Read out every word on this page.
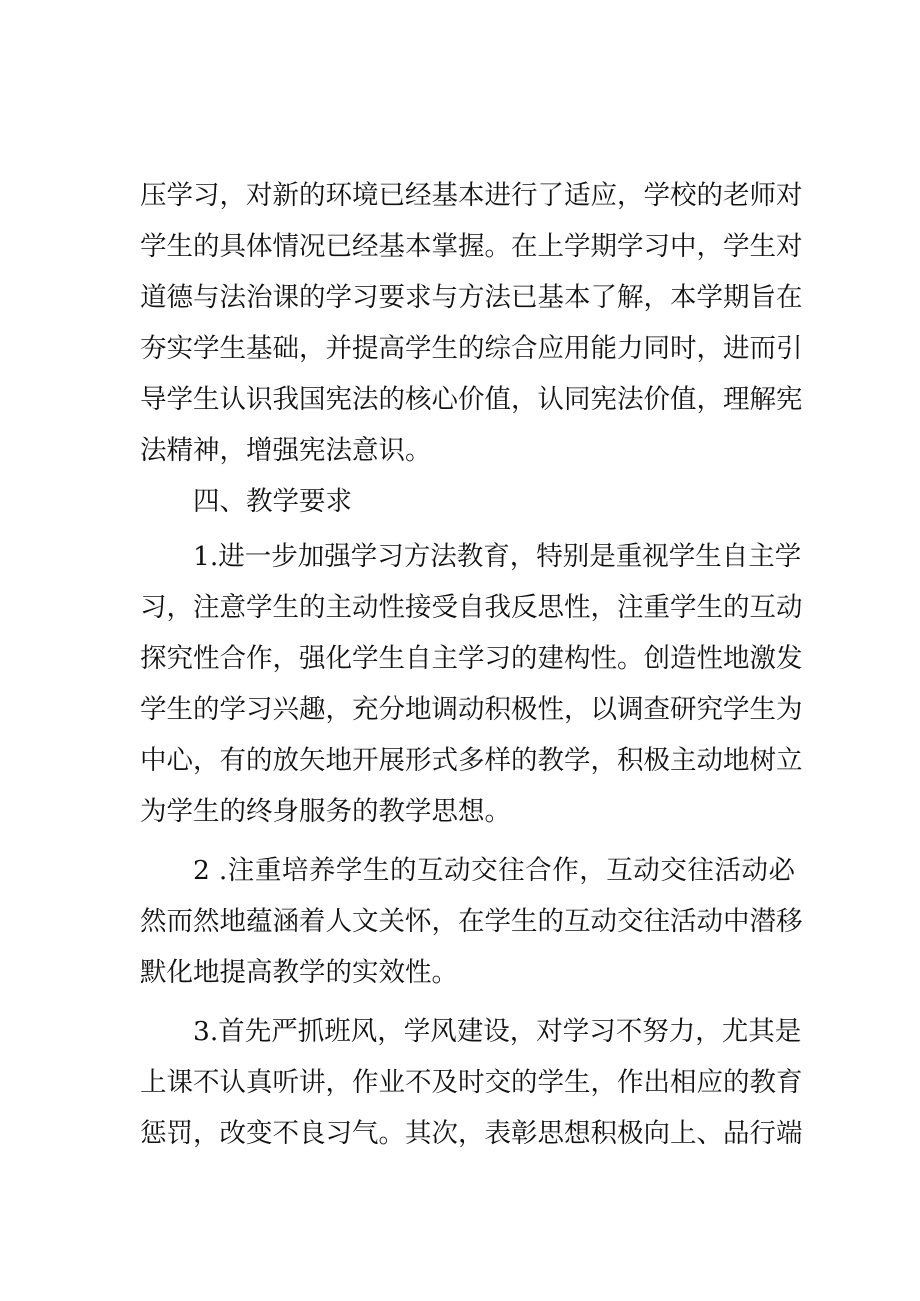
压学习，对新的环境已经基本进行了适应，学校的老师对
学生的具体情况已经基本掌握。在上学期学习中，学生对
道德与法治课的学习要求与方法已基本了解，本学期旨在
夯实学生基础，并提高学生的综合应用能力同时，进而引
导学生认识我国宪法的核心价值，认同宪法价值，理解宪
法精神，增强宪法意识。
四、教学要求
1.进一步加强学习方法教育，特别是重视学生自主学
习，注意学生的主动性接受自我反思性，注重学生的互动
探究性合作，强化学生自主学习的建构性。创造性地激发
学生的学习兴趣，充分地调动积极性，以调查研究学生为
中心，有的放矢地开展形式多样的教学，积极主动地树立
为学生的终身服务的教学思想。
2 .注重培养学生的互动交往合作，互动交往活动必
然而然地蕴涵着人文关怀，在学生的互动交往活动中潜移
默化地提高教学的实效性。
3.首先严抓班风，学风建设，对学习不努力，尤其是
上课不认真听讲，作业不及时交的学生，作出相应的教育
惩罚，改变不良习气。其次，表彰思想积极向上、品行端
